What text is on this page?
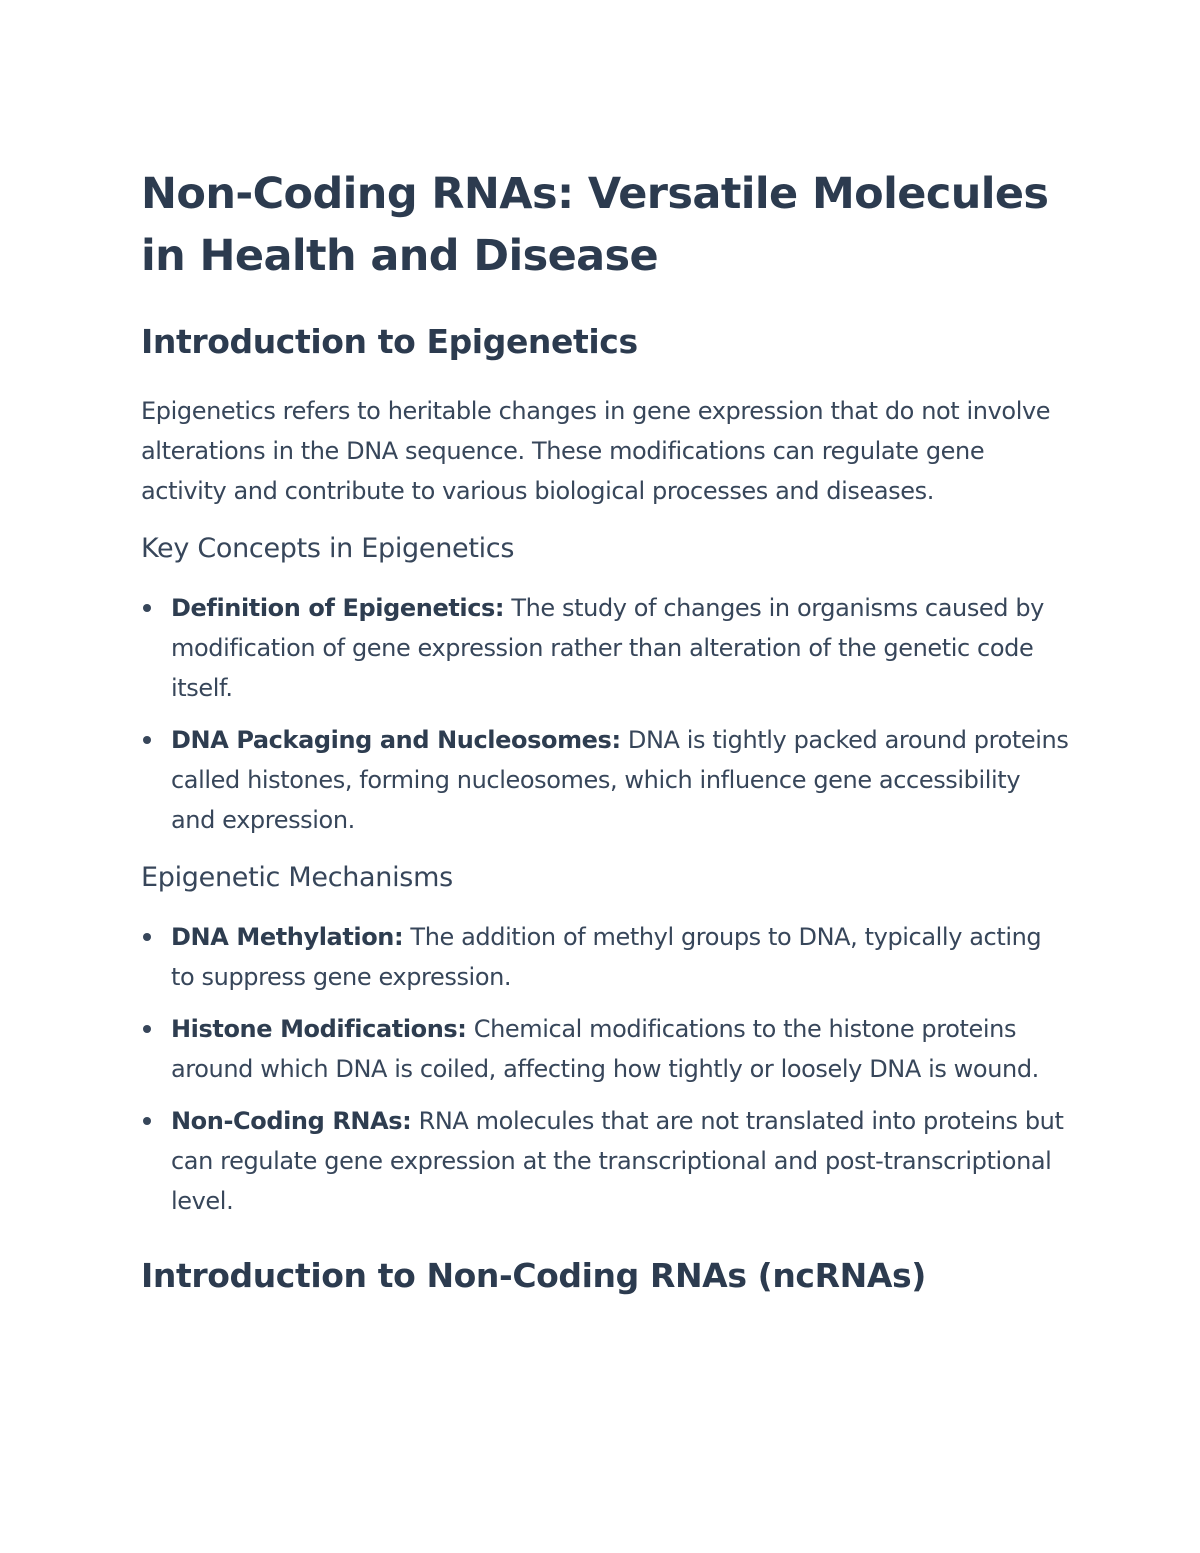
Non-Coding RNAs: Versatile Molecules in Health and Disease
Introduction to Epigenetics

Epigenetics refers to heritable changes in gene expression that do not involve alterations in the DNA sequence. These modifications can regulate gene activity and contribute to various biological processes and diseases.

Key Concepts in Epigenetics
Definition of Epigenetics: The study of changes in organisms caused by modification of gene expression rather than alteration of the genetic code itself.
DNA Packaging and Nucleosomes: DNA is tightly packed around proteins called histones, forming nucleosomes, which influence gene accessibility and expression.
Epigenetic Mechanisms
DNA Methylation: The addition of methyl groups to DNA, typically acting to suppress gene expression.
Histone Modifications: Chemical modifications to the histone proteins around which DNA is coiled, affecting how tightly or loosely DNA is wound.
Non-Coding RNAs: RNA molecules that are not translated into proteins but can regulate gene expression at the transcriptional and post-transcriptional level.
Introduction to Non-Coding RNAs (ncRNAs)
